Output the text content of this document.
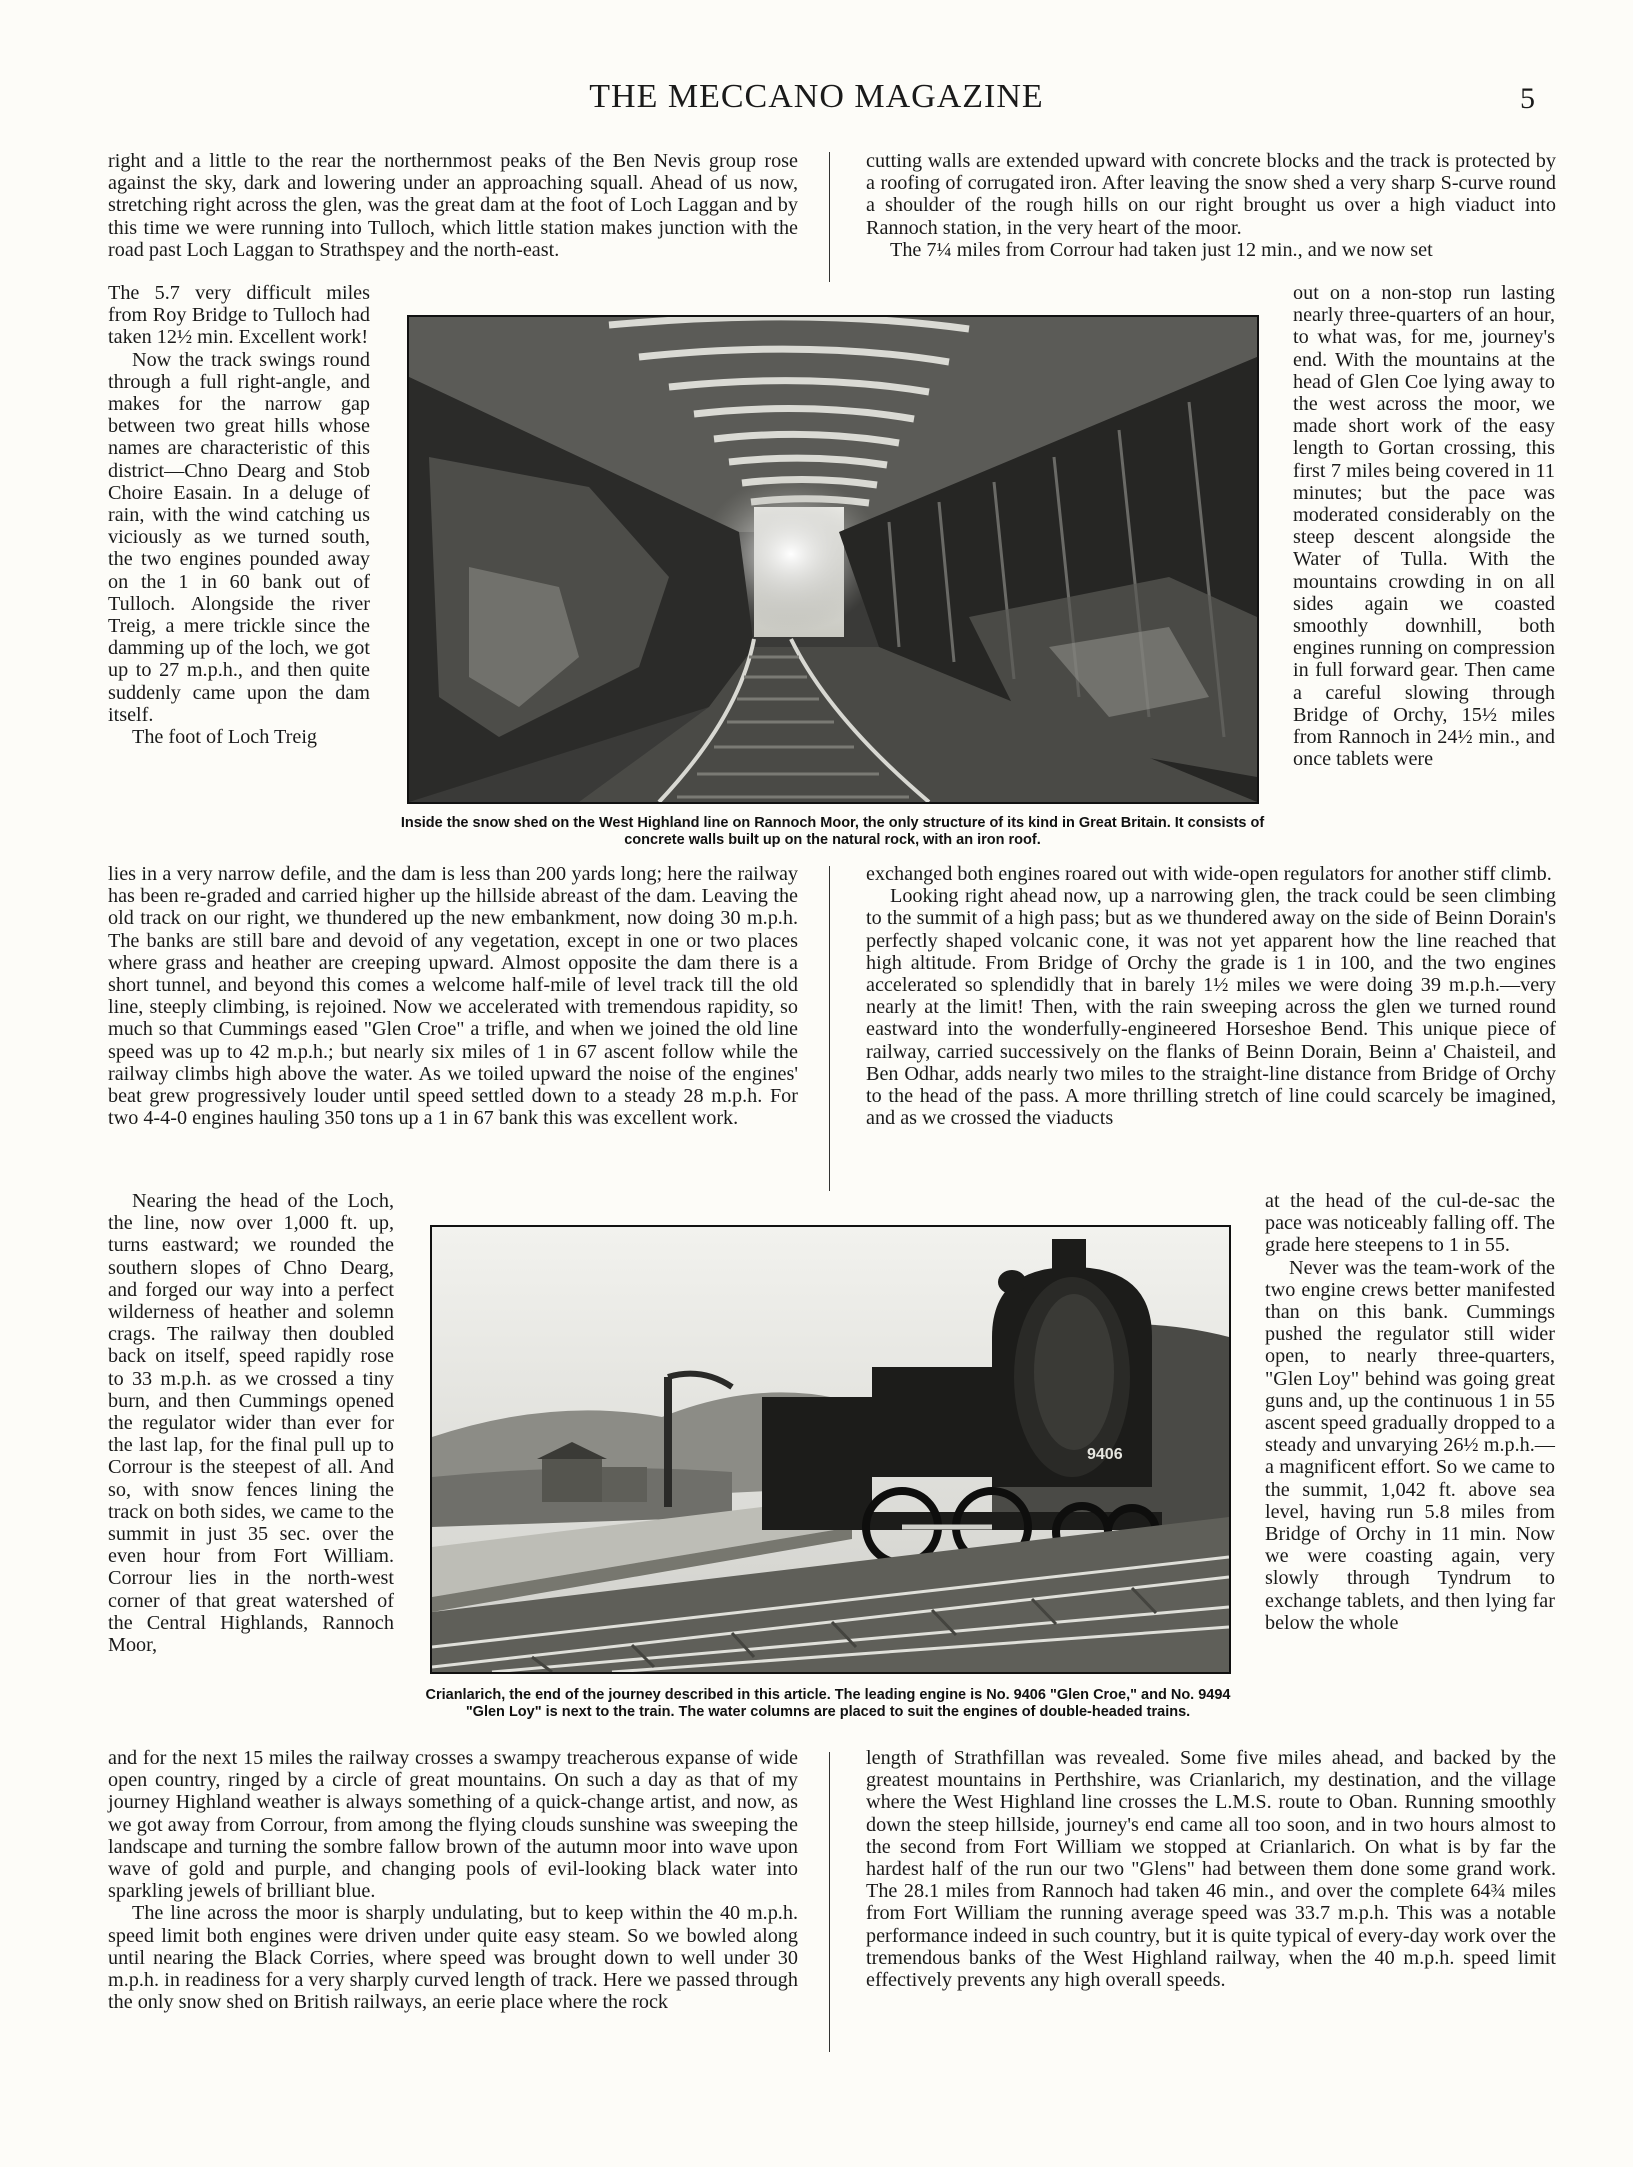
THE MECCANO MAGAZINE	5

right and a little to the rear the northernmost peaks of the Ben Nevis group rose against the sky, dark and lowering under an approaching squall. Ahead of us now, stretching right across the glen, was the great dam at the foot of Loch Laggan and by this time we were running into Tulloch, which little station makes junction with the road past Loch Laggan to Strathspey and the north-east.

The 5.7 very difficult miles from Roy Bridge to Tulloch had taken 12½ min. Excellent work!

Now the track swings round through a full right-angle, and makes for the narrow gap between two great hills whose names are characteristic of this district—Chno Dearg and Stob Choire Easain. In a deluge of rain, with the wind catching us viciously as we turned south, the two engines pounded away on the 1 in 60 bank out of Tulloch. Alongside the river Treig, a mere trickle since the damming up of the loch, we got up to 27 m.p.h., and then quite suddenly came upon the dam itself.

The foot of Loch Treig

lies in a very narrow defile, and the dam is less than 200 yards long; here the railway has been re-graded and carried higher up the hillside abreast of the dam. Leaving the old track on our right, we thundered up the new embankment, now doing 30 m.p.h. The banks are still bare and devoid of any vegetation, except in one or two places where grass and heather are creeping upward. Almost opposite the dam there is a short tunnel, and beyond this comes a welcome half-mile of level track till the old line, steeply climbing, is rejoined. Now we accelerated with tremendous rapidity, so much so that Cummings eased "Glen Croe" a trifle, and when we joined the old line speed was up to 42 m.p.h.; but nearly six miles of 1 in 67 ascent follow while the railway climbs high above the water. As we toiled upward the noise of the engines' beat grew progressively louder until speed settled down to a steady 28 m.p.h. For two 4-4-0 engines hauling 350 tons up a 1 in 67 bank this was excellent work.

Nearing the head of the Loch, the line, now over 1,000 ft. up, turns eastward; we rounded the southern slopes of Chno Dearg, and forged our way into a perfect wilderness of heather and solemn crags. The railway then doubled back on itself, speed rapidly rose to 33 m.p.h. as we crossed a tiny burn, and then Cummings opened the regulator wider than ever for the last lap, for the final pull up to Corrour is the steepest of all. And so, with snow fences lining the track on both sides, we came to the summit in just 35 sec. over the even hour from Fort William. Corrour lies in the north-west corner of that great watershed of the Central Highlands, Rannoch Moor,

and for the next 15 miles the railway crosses a swampy treacherous expanse of wide open country, ringed by a circle of great mountains. On such a day as that of my journey Highland weather is always something of a quick-change artist, and now, as we got away from Corrour, from among the flying clouds sunshine was sweeping the landscape and turning the sombre fallow brown of the autumn moor into wave upon wave of gold and purple, and changing pools of evil-looking black water into sparkling jewels of brilliant blue.

The line across the moor is sharply undulating, but to keep within the 40 m.p.h. speed limit both engines were driven under quite easy steam. So we bowled along until nearing the Black Corries, where speed was brought down to well under 30 m.p.h. in readiness for a very sharply curved length of track. Here we passed through the only snow shed on British railways, an eerie place where the rock

cutting walls are extended upward with concrete blocks and the track is protected by a roofing of corrugated iron. After leaving the snow shed a very sharp S-curve round a shoulder of the rough hills on our right brought us over a high viaduct into Rannoch station, in the very heart of the moor.

The 7¼ miles from Corrour had taken just 12 min., and we now set

out on a non-stop run lasting nearly three-quarters of an hour, to what was, for me, journey's end. With the mountains at the head of Glen Coe lying away to the west across the moor, we made short work of the easy length to Gortan crossing, this first 7 miles being covered in 11 minutes; but the pace was moderated considerably on the steep descent alongside the Water of Tulla. With the mountains crowding in on all sides again we coasted smoothly downhill, both engines running on compression in full forward gear. Then came a careful slowing through Bridge of Orchy, 15½ miles from Rannoch in 24½ min., and once tablets were

exchanged both engines roared out with wide-open regulators for another stiff climb.

Looking right ahead now, up a narrowing glen, the track could be seen climbing to the summit of a high pass; but as we thundered away on the side of Beinn Dorain's perfectly shaped volcanic cone, it was not yet apparent how the line reached that high altitude. From Bridge of Orchy the grade is 1 in 100, and the two engines accelerated so splendidly that in barely 1½ miles we were doing 39 m.p.h.—very nearly at the limit! Then, with the rain sweeping across the glen we turned round eastward into the wonderfully-engineered Horseshoe Bend. This unique piece of railway, carried successively on the flanks of Beinn Dorain, Beinn a' Chaisteil, and Ben Odhar, adds nearly two miles to the straight-line distance from Bridge of Orchy to the head of the pass. A more thrilling stretch of line could scarcely be imagined, and as we crossed the viaducts

at the head of the cul-de-sac the pace was noticeably falling off. The grade here steepens to 1 in 55.

Never was the team-work of the two engine crews better manifested than on this bank. Cummings pushed the regulator still wider open, to nearly three-quarters, "Glen Loy" behind was going great guns and, up the continuous 1 in 55 ascent speed gradually dropped to a steady and unvarying 26½ m.p.h.—a magnificent effort. So we came to the summit, 1,042 ft. above sea level, having run 5.8 miles from Bridge of Orchy in 11 min. Now we were coasting again, very slowly through Tyndrum to exchange tablets, and then lying far below the whole

length of Strathfillan was revealed. Some five miles ahead, and backed by the greatest mountains in Perthshire, was Crianlarich, my destination, and the village where the West Highland line crosses the L.M.S. route to Oban. Running smoothly down the steep hillside, journey's end came all too soon, and in two hours almost to the second from Fort William we stopped at Crianlarich. On what is by far the hardest half of the run our two "Glens" had between them done some grand work. The 28.1 miles from Rannoch had taken 46 min., and over the complete 64¾ miles from Fort William the running average speed was 33.7 m.p.h. This was a notable performance indeed in such country, but it is quite typical of every-day work over the tremendous banks of the West Highland railway, when the 40 m.p.h. speed limit effectively prevents any high overall speeds.

Inside the snow shed on the West Highland line on Rannoch Moor, the only structure of its kind in Great Britain. It consists of concrete walls built up on the natural rock, with an iron roof.

9406

Crianlarich, the end of the journey described in this article. The leading engine is No. 9406 "Glen Croe," and No. 9494 "Glen Loy" is next to the train. The water columns are placed to suit the engines of double-headed trains.
